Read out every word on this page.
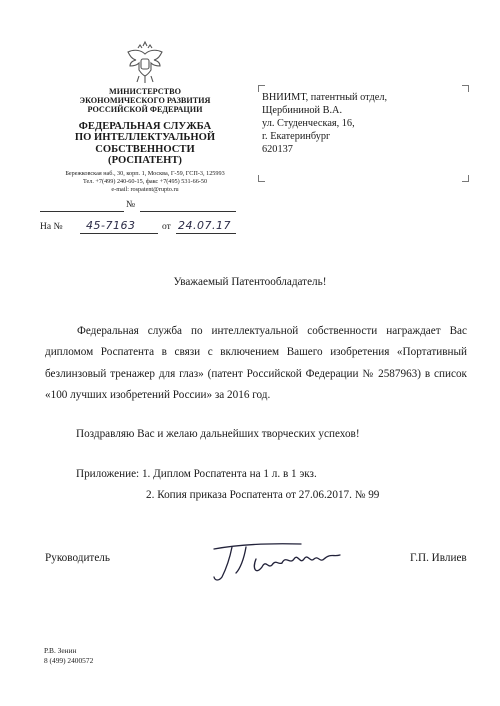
МИНИСТЕРСТВО
ЭКОНОМИЧЕСКОГО РАЗВИТИЯ
РОССИЙСКОЙ ФЕДЕРАЦИИ
ФЕДЕРАЛЬНАЯ СЛУЖБА
ПО ИНТЕЛЛЕКТУАЛЬНОЙ
СОБСТВЕННОСТИ
(РОСПАТЕНТ)
Бережковская наб., 30, корп. 1, Москва, Г-59, ГСП-3, 125993
Тел. +7(499) 240-60-15, факс +7(495) 531-66-50
e-mail: rospatent@rupto.ru
№
На № 45-7163	от 24.07.17
ВНИИМТ, патентный отдел,
Щербининой В.А.
ул. Студенческая, 16,
г. Екатеринбург
620137
Уважаемый Патентообладатель!
Федеральная служба по интеллектуальной собственности награждает Вас дипломом Роспатента в связи с включением Вашего изобретения «Портативный безлинзовый тренажер для глаз» (патент Российской Федерации № 2587963) в список «100 лучших изобретений России» за 2016 год.
Поздравляю Вас и желаю дальнейших творческих успехов!
Приложение: 1. Диплом Роспатента на 1 л. в 1 экз.
2. Копия приказа Роспатента от 27.06.2017. № 99
Руководитель	Г.П. Ивлиев
Р.В. Зенин
8 (499) 2400572
